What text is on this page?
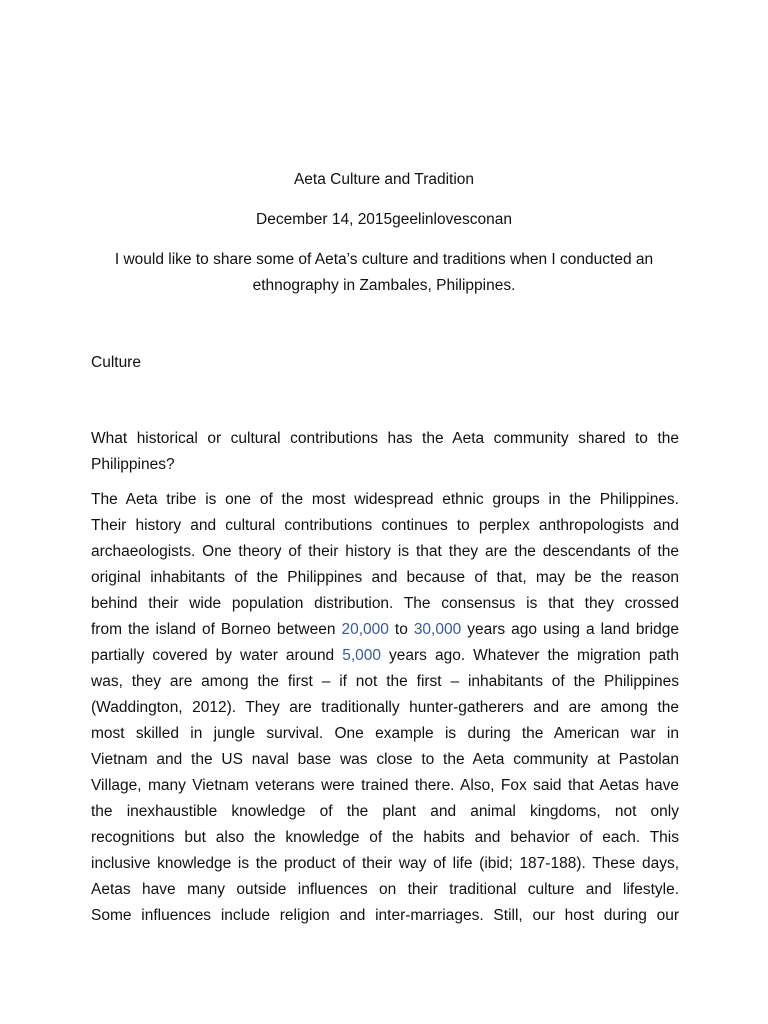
Aeta Culture and Tradition
December 14, 2015geelinlovesconan
I would like to share some of Aeta’s culture and traditions when I conducted an
ethnography in Zambales, Philippines.
Culture
What historical or cultural contributions has the Aeta community shared to the
Philippines?
The Aeta tribe is one of the most widespread ethnic groups in the Philippines.
Their history and cultural contributions continues to perplex anthropologists and
archaeologists. One theory of their history is that they are the descendants of the
original inhabitants of the Philippines and because of that, may be the reason
behind their wide population distribution. The consensus is that they crossed
from the island of Borneo between 20,000 to 30,000 years ago using a land bridge
partially covered by water around 5,000 years ago. Whatever the migration path
was, they are among the first – if not the first – inhabitants of the Philippines
(Waddington, 2012). They are traditionally hunter-gatherers and are among the
most skilled in jungle survival. One example is during the American war in
Vietnam and the US naval base was close to the Aeta community at Pastolan
Village, many Vietnam veterans were trained there. Also, Fox said that Aetas have
the inexhaustible knowledge of the plant and animal kingdoms, not only
recognitions but also the knowledge of the habits and behavior of each. This
inclusive knowledge is the product of their way of life (ibid; 187-188). These days,
Aetas have many outside influences on their traditional culture and lifestyle.
Some influences include religion and inter-marriages. Still, our host during our
